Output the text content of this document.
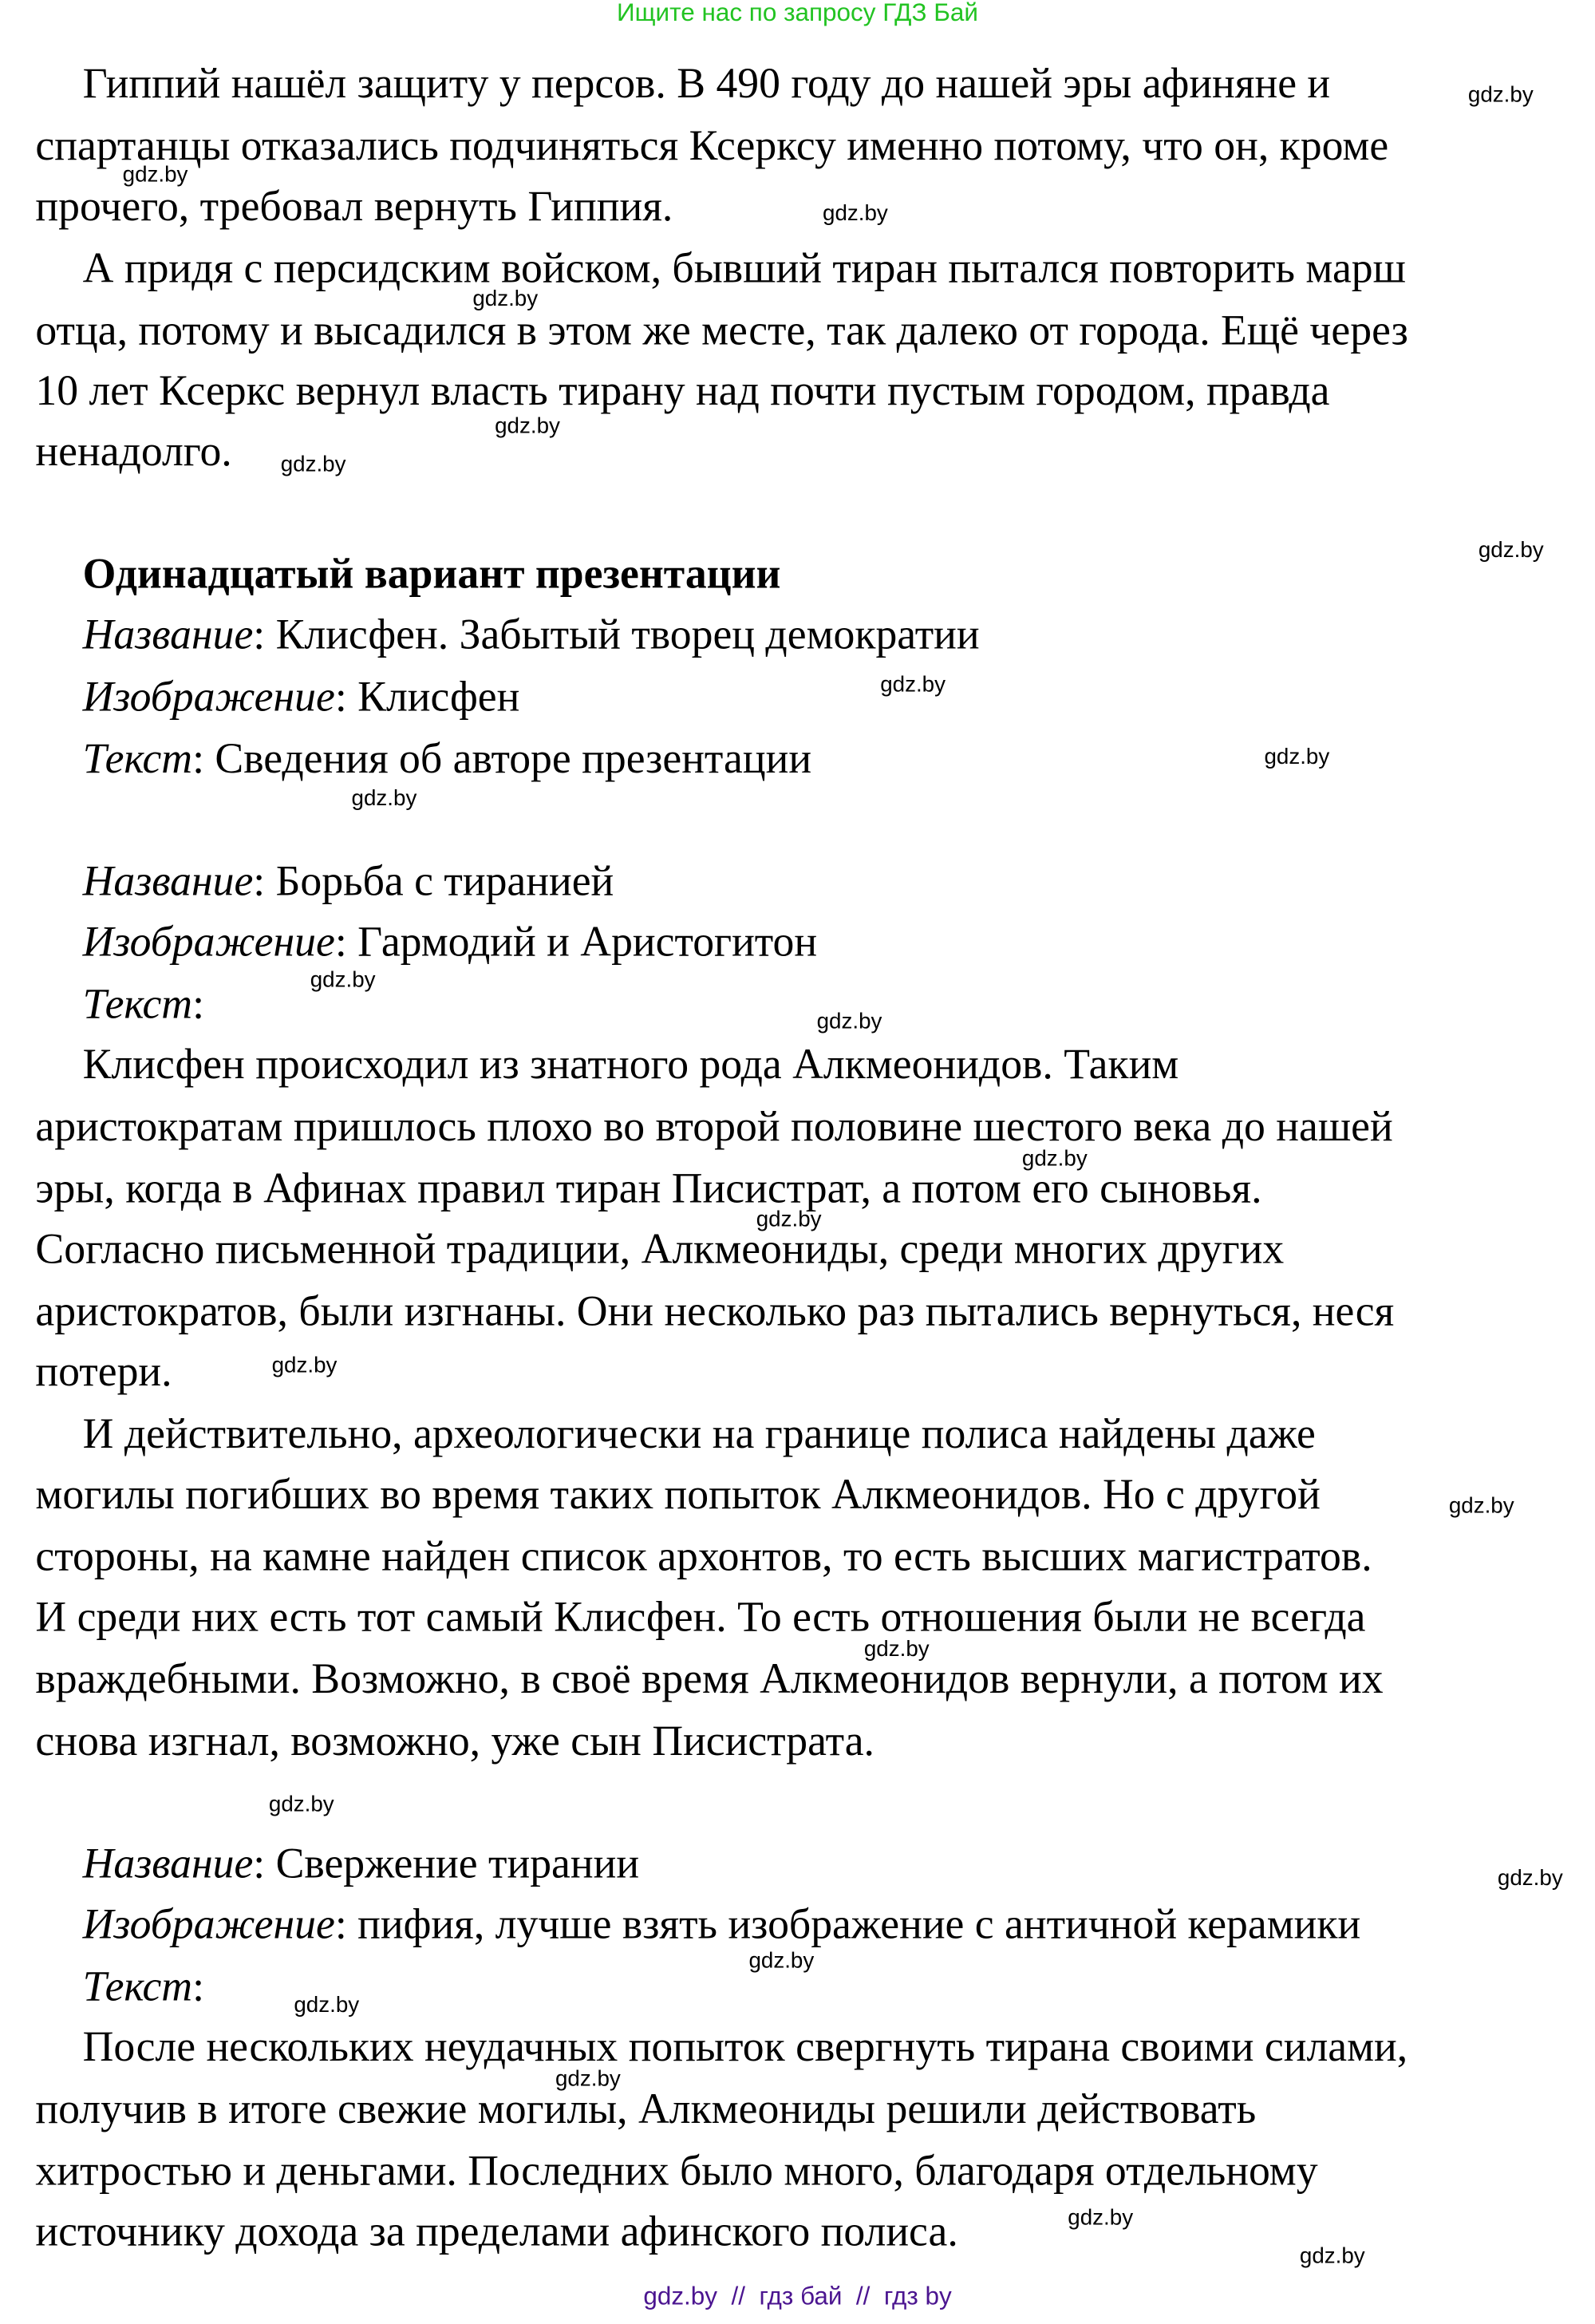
Ищите нас по запросу ГДЗ Бай
Гиппий нашёл защиту у персов. В 490 году до нашей эры афиняне и
спартанцы отказались подчиняться Ксерксу именно потому, что он, кроме
прочего, требовал вернуть Гиппия.
А придя с персидским войском, бывший тиран пытался повторить марш
отца, потому и высадился в этом же месте, так далеко от города. Ещё через
10 лет Ксеркс вернул власть тирану над почти пустым городом, правда
ненадолго.
Одинадцатый вариант презентации
Название: Клисфен. Забытый творец демократии
Изображение: Клисфен
Текст: Сведения об авторе презентации
Название: Борьба с тиранией
Изображение: Гармодий и Аристогитон
Текст:
Клисфен происходил из знатного рода Алкмеонидов. Таким
аристократам пришлось плохо во второй половине шестого века до нашей
эры, когда в Афинах правил тиран Писистрат, а потом его сыновья.
Согласно письменной традиции, Алкмеониды, среди многих других
аристократов, были изгнаны. Они несколько раз пытались вернуться, неся
потери.
И действительно, археологически на границе полиса найдены даже
могилы погибших во время таких попыток Алкмеонидов. Но с другой
стороны, на камне найден список архонтов, то есть высших магистратов.
И среди них есть тот самый Клисфен. То есть отношения были не всегда
враждебными. Возможно, в своё время Алкмеонидов вернули, а потом их
снова изгнал, возможно, уже сын Писистрата.
Название: Свержение тирании
Изображение: пифия, лучше взять изображение с античной керамики
Текст:
После нескольких неудачных попыток свергнуть тирана своими силами,
получив в итоге свежие могилы, Алкмеониды решили действовать
хитростью и деньгами. Последних было много, благодаря отдельному
источнику дохода за пределами афинского полиса.
gdz.by
gdz.by
gdz.by
gdz.by
gdz.by
gdz.by
gdz.by
gdz.by
gdz.by
gdz.by
gdz.by
gdz.by
gdz.by
gdz.by
gdz.by
gdz.by
gdz.by
gdz.by
gdz.by
gdz.by
gdz.by
gdz.by
gdz.by
gdz.by
gdz.by  //  гдз бай  //  гдз by
